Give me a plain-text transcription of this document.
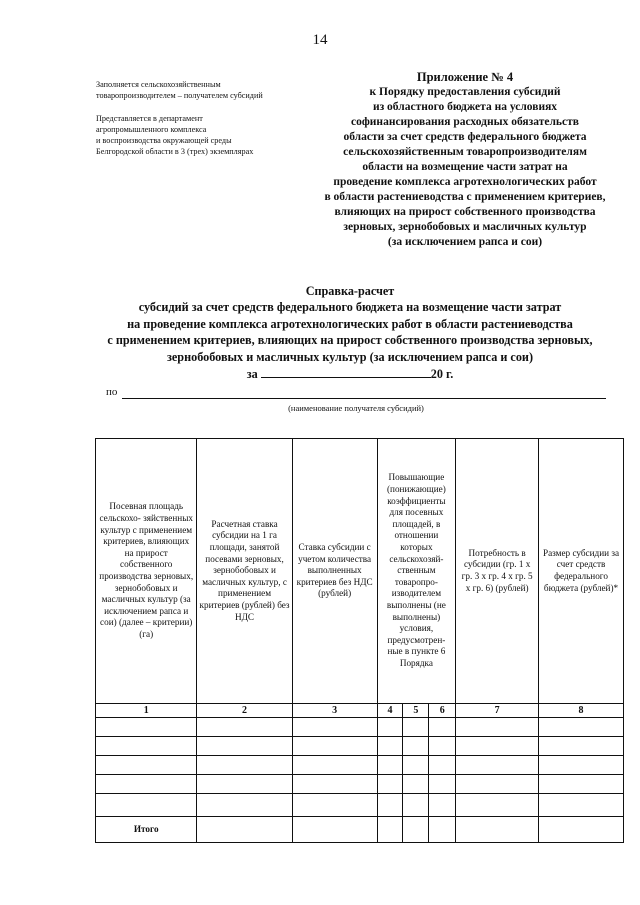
14
Заполняется сельскохозяйственным
товаропроизводителем – получателем субсидий
Представляется в департамент
агропромышленного комплекса
и воспроизводства окружающей среды
Белгородской области в 3 (трех) экземплярах
Приложение № 4
к Порядку предоставления субсидий
из областного бюджета на условиях
софинансирования расходных обязательств
области за счет средств федерального бюджета
сельскохозяйственным товаропроизводителям
области на возмещение части затрат на
проведение комплекса агротехнологических работ
в области растениеводства с применением критериев,
влияющих на прирост собственного производства
зерновых, зернобобовых и масличных культур
(за исключением рапса и сои)
Справка-расчет
субсидий за счет средств федерального бюджета на возмещение части затрат
на проведение комплекса агротехнологических работ в области растениеводства
с применением критериев, влияющих на прирост собственного производства зерновых,
зернобобовых и масличных культур (за исключением рапса и сои)
за	20 г.
по
(наименование получателя субсидий)
Посевная площадь сельскохо- зяйственных культур с применением критериев, влияющих на прирост собственного производства зерновых, зернобобовых и масличных культур (за исключением рапса и сои) (далее – критерии) (га)	Расчетная ставка субсидии на 1 га площади, занятой посевами зерновых, зернобобовых и масличных культур, с применением критериев (рублей) без НДС	Ставка субсидии с учетом количества выполненных критериев без НДС (рублей)	Повышающие (понижающие) коэффициенты для посевных площадей, в отношении которых сельскохозяй- ственным товаропро- изводителем выполнены (не выполнены) условия, предусмотрен- ные в пункте 6 Порядка			Потребность в субсидии (гр. 1 х гр. 3 х гр. 4 х гр. 5 х гр. 6) (рублей)	Размер субсидии за счет средств федерального бюджета (рублей)*
1	2	3	4	5	6	7	8

Итого							
